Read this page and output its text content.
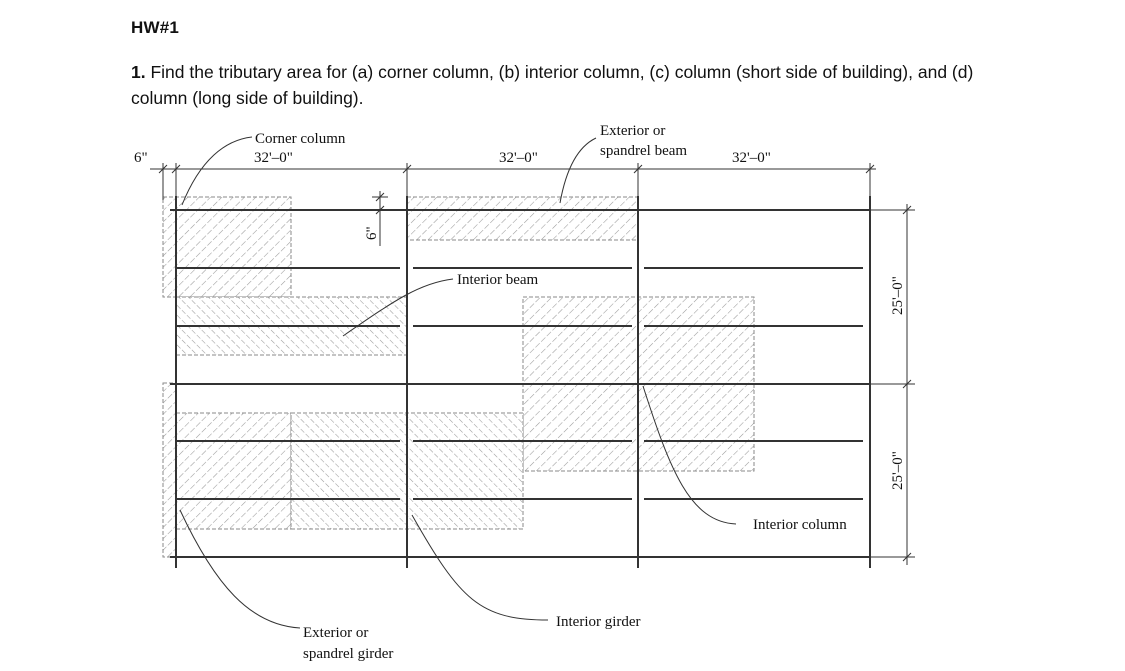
HW#1
1. Find the tributary area for (a) corner column, (b) interior column, (c) column (short side of building), and (d) column (long side of building).
6"	32'–0"	32'–0"	32'–0"
6"
25'–0"
25'–0"
Corner column	Exterior or
spandrel beam
Interior beam
Interior column
Interior girder
Exterior or
spandrel girder
